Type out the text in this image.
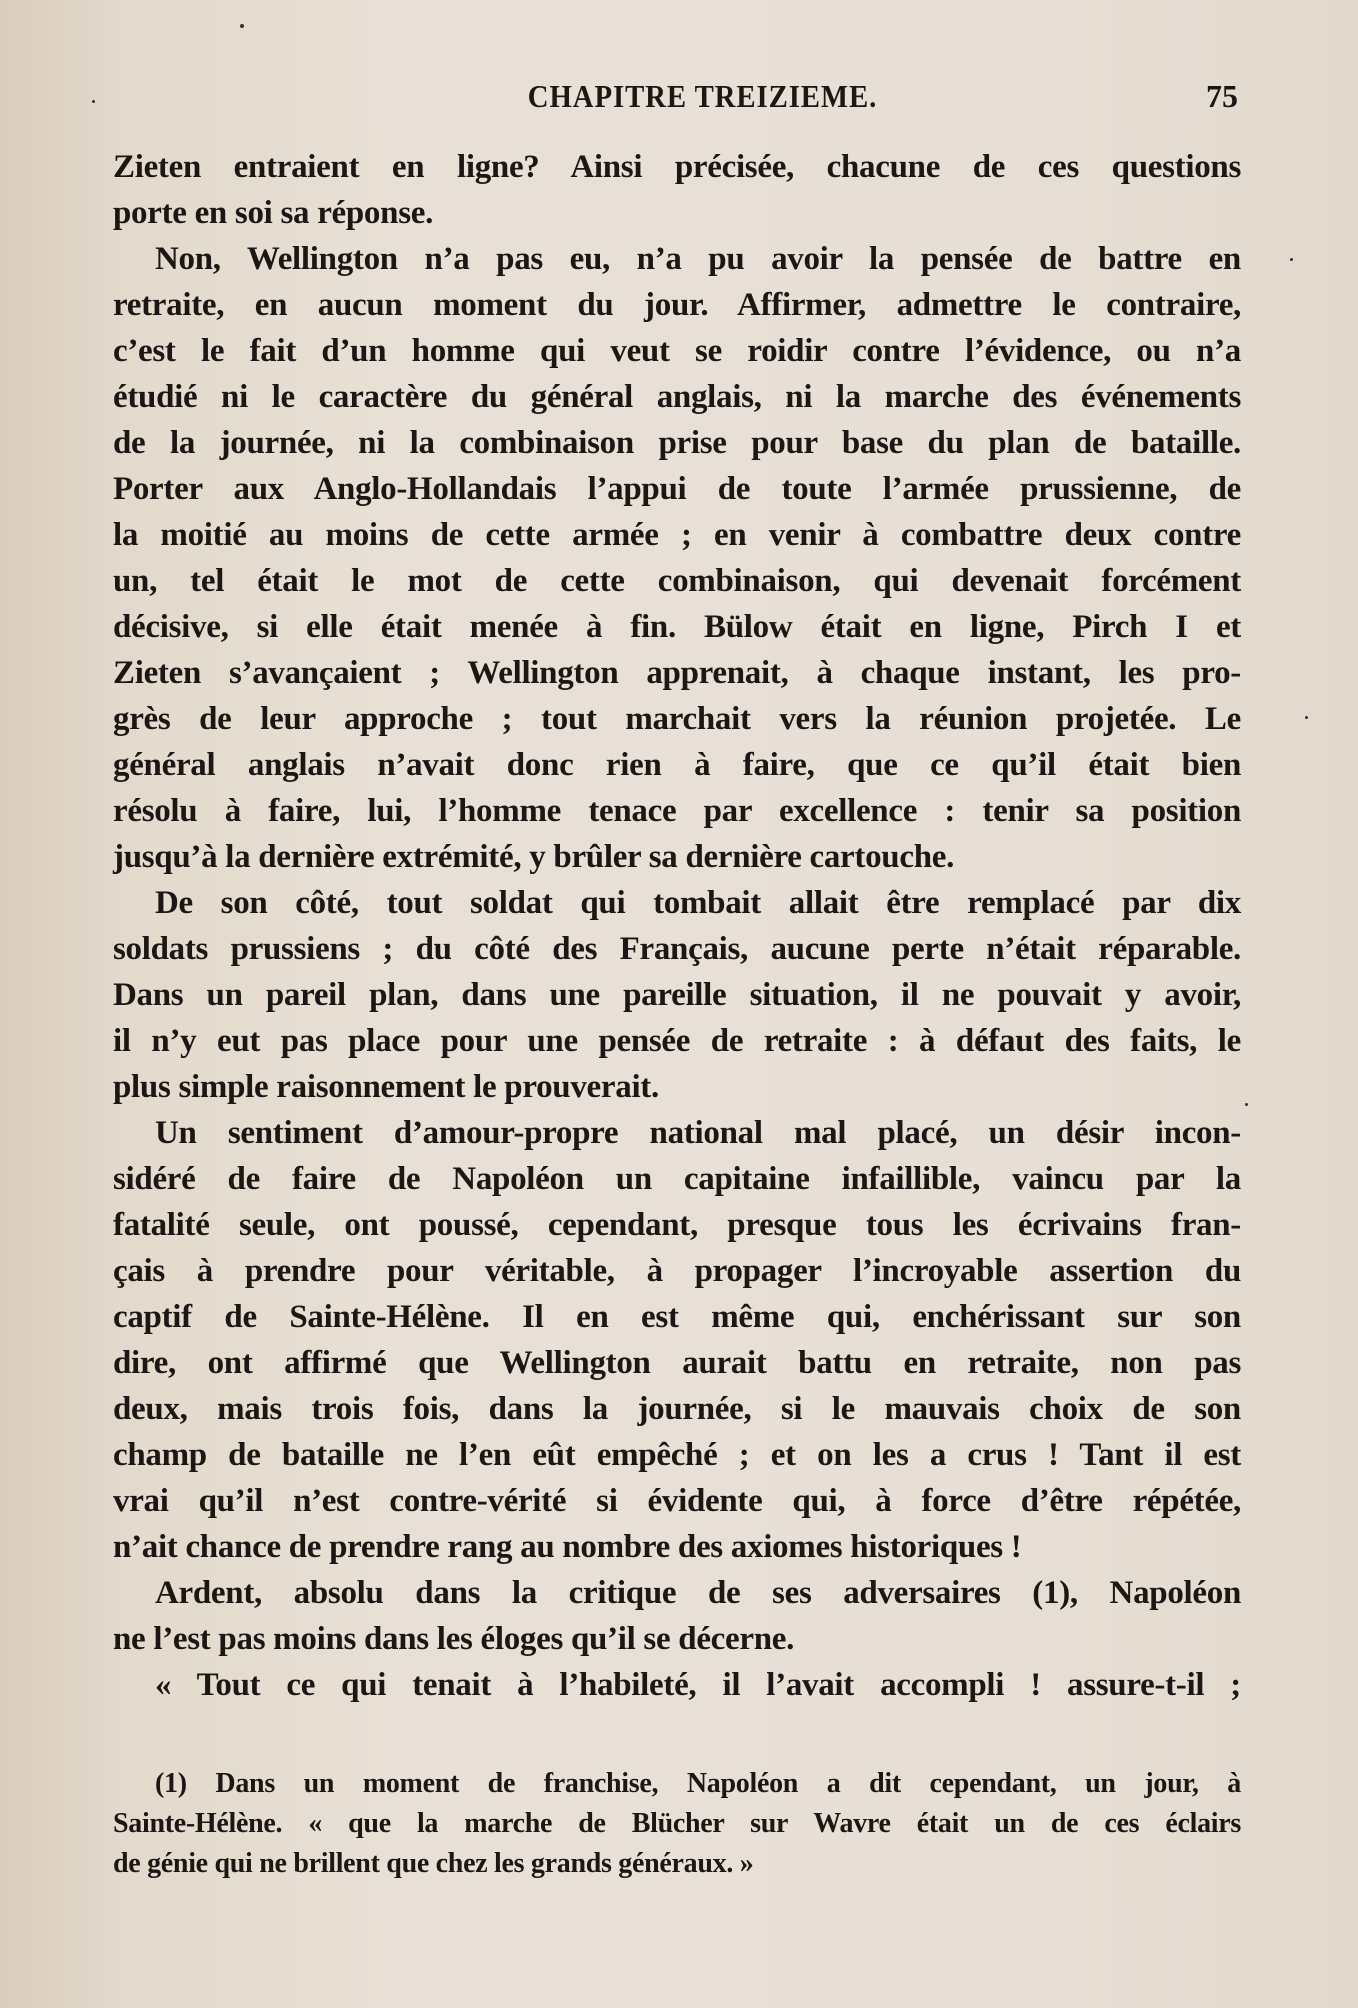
CHAPITRE TREIZIEME.	75
Zieten entraient en ligne? Ainsi précisée, chacune de ces questions
porte en soi sa réponse.
Non, Wellington n’a pas eu, n’a pu avoir la pensée de battre en
retraite, en aucun moment du jour. Affirmer, admettre le contraire,
c’est le fait d’un homme qui veut se roidir contre l’évidence, ou n’a
étudié ni le caractère du général anglais, ni la marche des événements
de la journée, ni la combinaison prise pour base du plan de bataille.
Porter aux Anglo-Hollandais l’appui de toute l’armée prussienne, de
la moitié au moins de cette armée ; en venir à combattre deux contre
un, tel était le mot de cette combinaison, qui devenait forcément
décisive, si elle était menée à fin. Bülow était en ligne, Pirch I et
Zieten s’avançaient ; Wellington apprenait, à chaque instant, les pro-
grès de leur approche ; tout marchait vers la réunion projetée. Le
général anglais n’avait donc rien à faire, que ce qu’il était bien
résolu à faire, lui, l’homme tenace par excellence : tenir sa position
jusqu’à la dernière extrémité, y brûler sa dernière cartouche.
De son côté, tout soldat qui tombait allait être remplacé par dix
soldats prussiens ; du côté des Français, aucune perte n’était réparable.
Dans un pareil plan, dans une pareille situation, il ne pouvait y avoir,
il n’y eut pas place pour une pensée de retraite : à défaut des faits, le
plus simple raisonnement le prouverait.
Un sentiment d’amour-propre national mal placé, un désir incon-
sidéré de faire de Napoléon un capitaine infaillible, vaincu par la
fatalité seule, ont poussé, cependant, presque tous les écrivains fran-
çais à prendre pour véritable, à propager l’incroyable assertion du
captif de Sainte-Hélène. Il en est même qui, enchérissant sur son
dire, ont affirmé que Wellington aurait battu en retraite, non pas
deux, mais trois fois, dans la journée, si le mauvais choix de son
champ de bataille ne l’en eût empêché ; et on les a crus ! Tant il est
vrai qu’il n’est contre-vérité si évidente qui, à force d’être répétée,
n’ait chance de prendre rang au nombre des axiomes historiques !
Ardent, absolu dans la critique de ses adversaires (1), Napoléon
ne l’est pas moins dans les éloges qu’il se décerne.
« Tout ce qui tenait à l’habileté, il l’avait accompli ! assure-t-il ;
(1) Dans un moment de franchise, Napoléon a dit cependant, un jour, à
Sainte-Hélène. « que la marche de Blücher sur Wavre était un de ces éclairs
de génie qui ne brillent que chez les grands généraux. »
